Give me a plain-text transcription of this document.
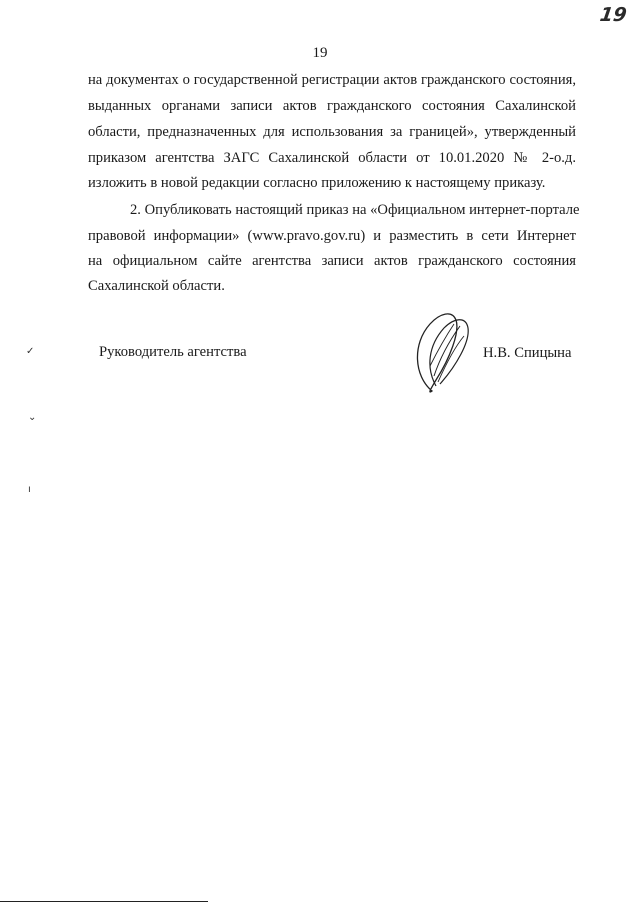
19
19
на документах о государственной регистрации актов гражданского состояния,
выданных органами записи актов гражданского состояния Сахалинской
области, предназначенных для использования за границей», утвержденный
приказом агентства ЗАГС Сахалинской области от 10.01.2020 № 2-о.д.
изложить в новой редакции согласно приложению к настоящему приказу.
2. Опубликовать настоящий приказ на «Официальном интернет-портале
правовой информации» (www.pravo.gov.ru) и разместить в сети Интернет
на официальном сайте агентства записи актов гражданского состояния
Сахалинской области.
Руководитель агентства	Н.В. Спицына
✓
⌄
ı
